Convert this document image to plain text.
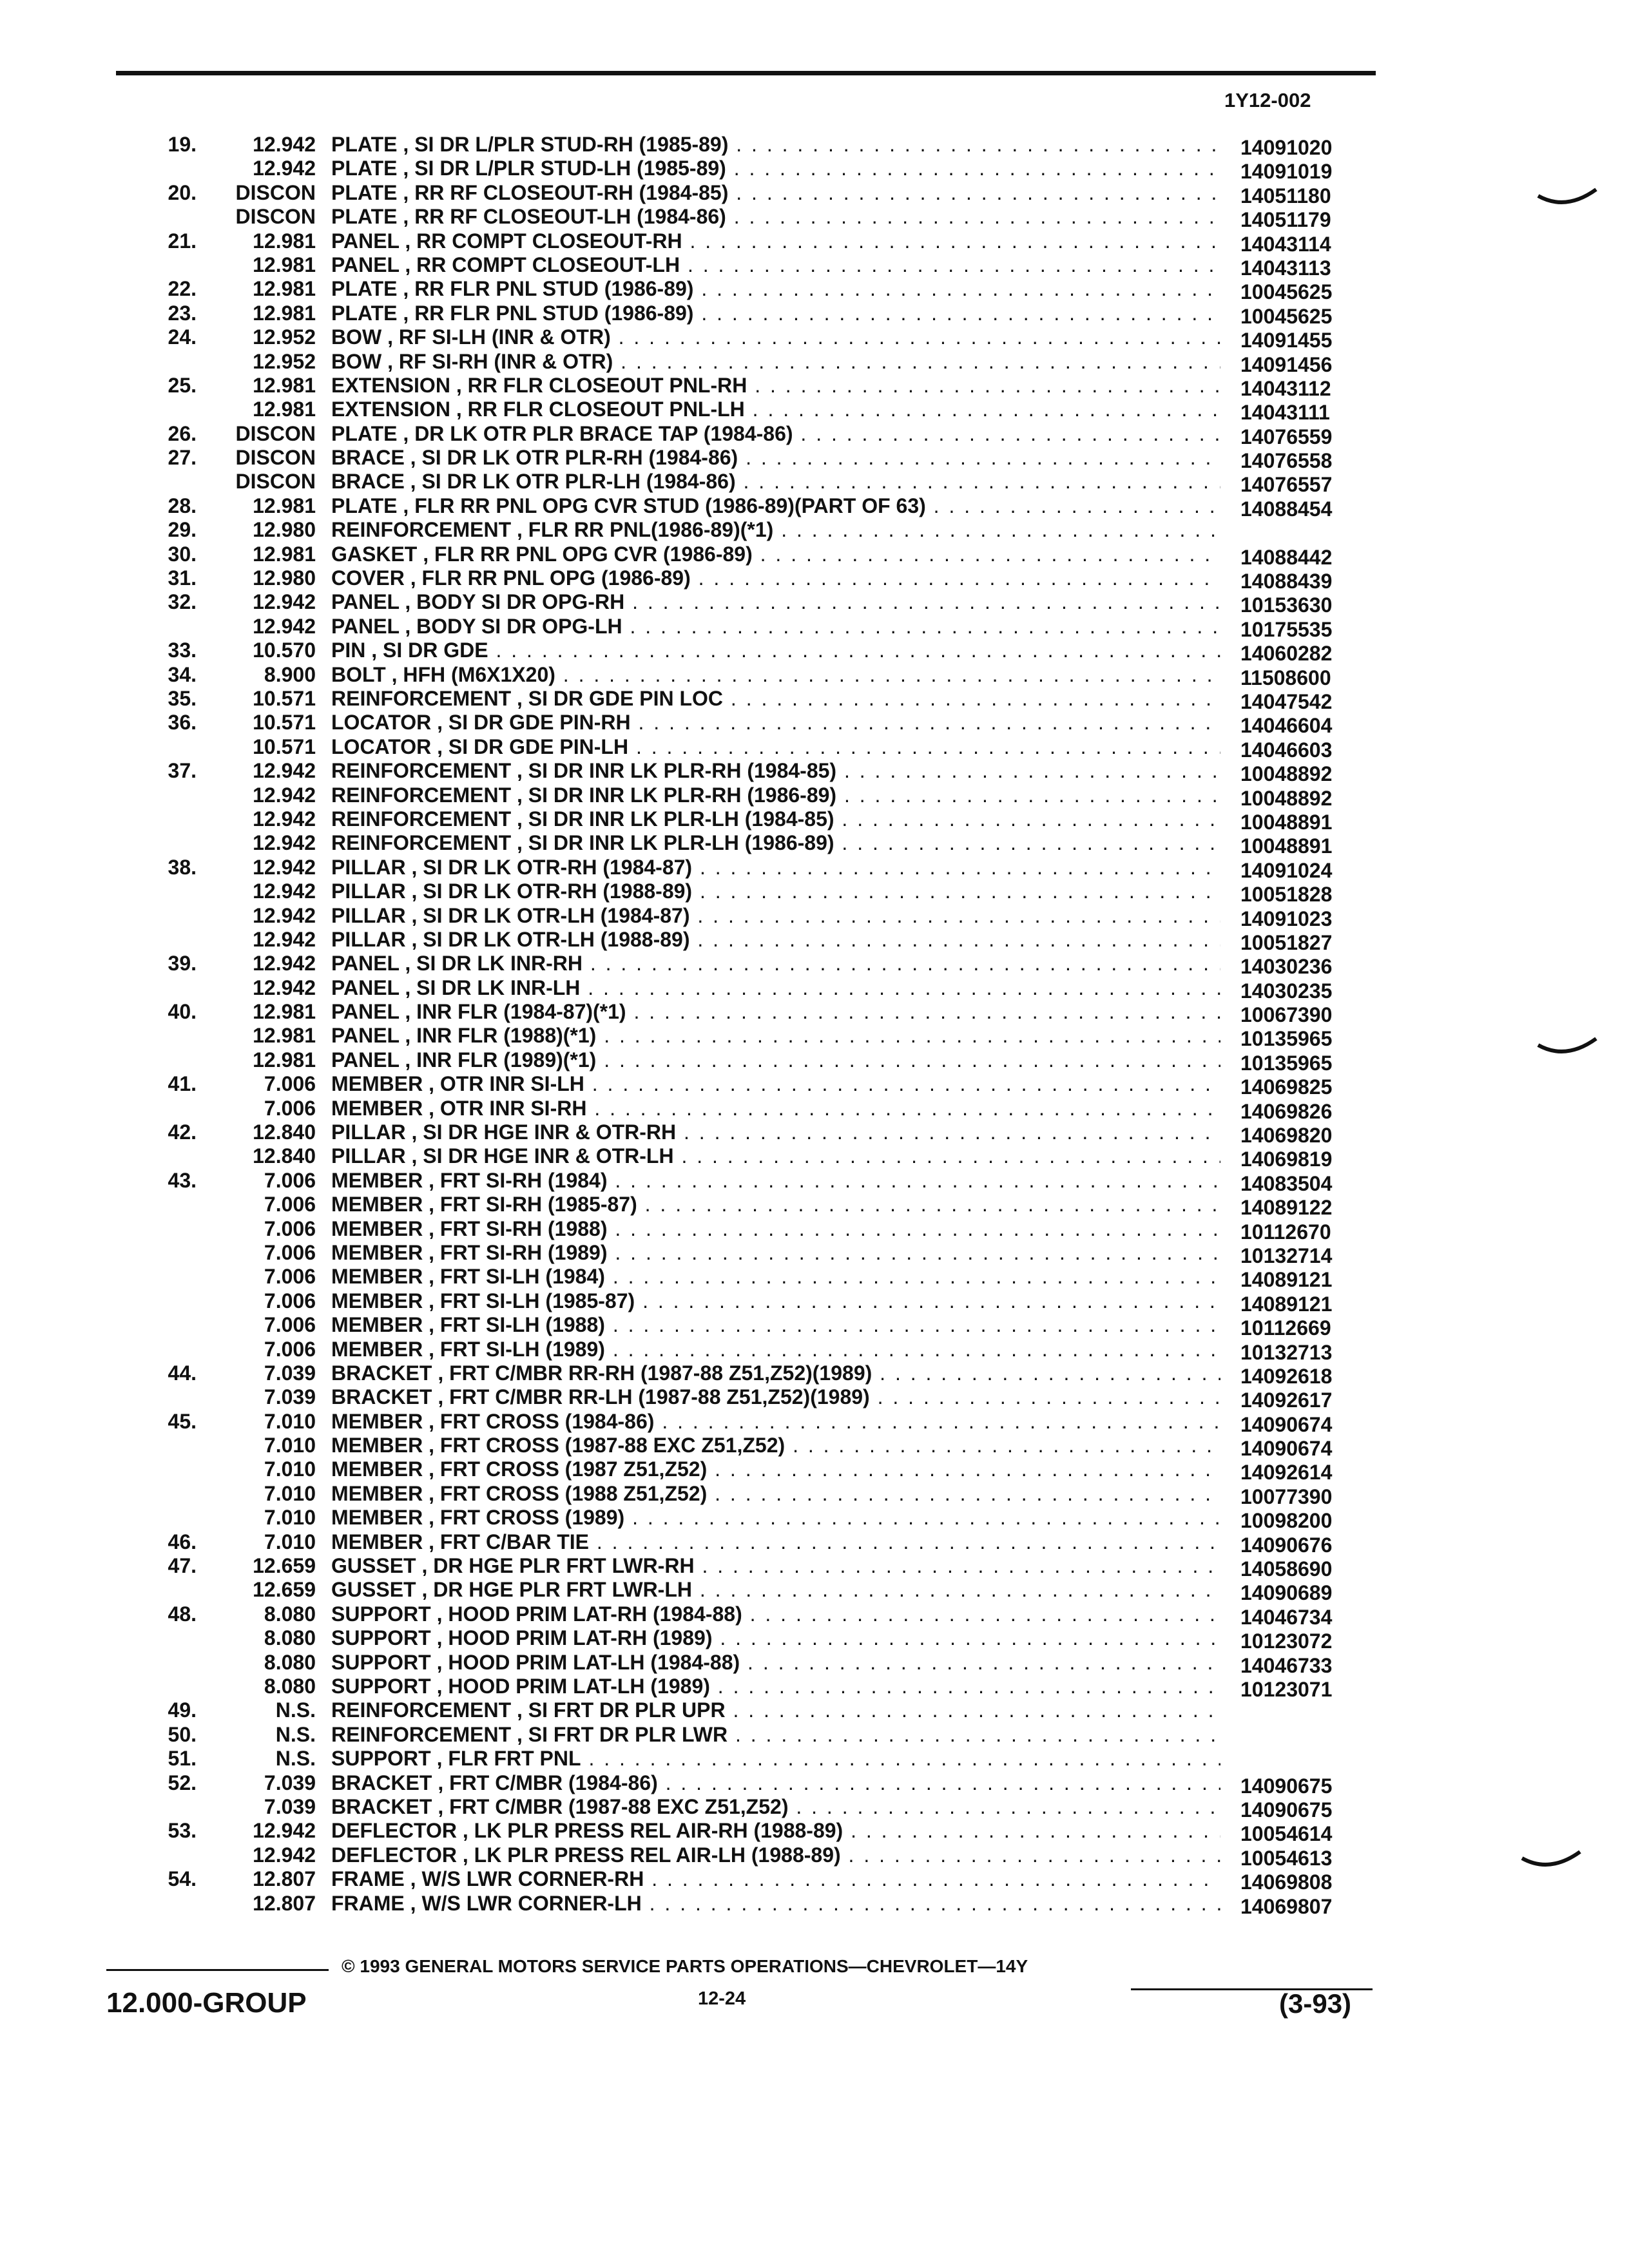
1Y12-002
19.	12.942 PLATE , SI DR L/PLR STUD-RH (1985-89) . . .	14091020
12.942 PLATE , SI DR L/PLR STUD-LH (1985-89) . . .	14091019
20.	DISCON PLATE , RR RF CLOSEOUT-RH (1984-85) . . .	14051180
DISCON PLATE , RR RF CLOSEOUT-LH (1984-86) . . .	14051179
21.	12.981 PANEL , RR COMPT CLOSEOUT-RH . . .	14043114
12.981 PANEL , RR COMPT CLOSEOUT-LH . . .	14043113
22.	12.981 PLATE , RR FLR PNL STUD (1986-89) . . .	10045625
23.	12.981 PLATE , RR FLR PNL STUD (1986-89) . . .	10045625
24.	12.952 BOW , RF SI-LH (INR & OTR) . . .	14091455
12.952 BOW , RF SI-RH (INR & OTR) . . .	14091456
25.	12.981 EXTENSION , RR FLR CLOSEOUT PNL-RH . . .	14043112
12.981 EXTENSION , RR FLR CLOSEOUT PNL-LH . . .	14043111
26.	DISCON PLATE , DR LK OTR PLR BRACE TAP (1984-86) . . .	14076559
27.	DISCON BRACE , SI DR LK OTR PLR-RH (1984-86) . . .	14076558
DISCON BRACE , SI DR LK OTR PLR-LH (1984-86) . . .	14076557
28.	12.981 PLATE , FLR RR PNL OPG CVR STUD (1986-89)(PART OF 63) . . .	14088454
29.	12.980 REINFORCEMENT , FLR RR PNL(1986-89)(*1) . . .
30.	12.981 GASKET , FLR RR PNL OPG CVR (1986-89) . . .	14088442
31.	12.980 COVER , FLR RR PNL OPG (1986-89) . . .	14088439
32.	12.942 PANEL , BODY SI DR OPG-RH . . .	10153630
12.942 PANEL , BODY SI DR OPG-LH . . .	10175535
33.	10.570 PIN , SI DR GDE . . .	14060282
34.	8.900 BOLT , HFH (M6X1X20) . . .	11508600
35.	10.571 REINFORCEMENT , SI DR GDE PIN LOC . . .	14047542
36.	10.571 LOCATOR , SI DR GDE PIN-RH . . .	14046604
10.571 LOCATOR , SI DR GDE PIN-LH . . .	14046603
37.	12.942 REINFORCEMENT , SI DR INR LK PLR-RH (1984-85) . . .	10048892
12.942 REINFORCEMENT , SI DR INR LK PLR-RH (1986-89) . . .	10048892
12.942 REINFORCEMENT , SI DR INR LK PLR-LH (1984-85) . . .	10048891
12.942 REINFORCEMENT , SI DR INR LK PLR-LH (1986-89) . . .	10048891
38.	12.942 PILLAR , SI DR LK OTR-RH (1984-87) . . .	14091024
12.942 PILLAR , SI DR LK OTR-RH (1988-89) . . .	10051828
12.942 PILLAR , SI DR LK OTR-LH (1984-87) . . .	14091023
12.942 PILLAR , SI DR LK OTR-LH (1988-89) . . .	10051827
39.	12.942 PANEL , SI DR LK INR-RH . . .	14030236
12.942 PANEL , SI DR LK INR-LH . . .	14030235
40.	12.981 PANEL , INR FLR (1984-87)(*1) . . .	10067390
12.981 PANEL , INR FLR (1988)(*1) . . .	10135965
12.981 PANEL , INR FLR (1989)(*1) . . .	10135965
41.	7.006 MEMBER , OTR INR SI-LH . . .	14069825
7.006 MEMBER , OTR INR SI-RH . . .	14069826
42.	12.840 PILLAR , SI DR HGE INR & OTR-RH . . .	14069820
12.840 PILLAR , SI DR HGE INR & OTR-LH . . .	14069819
43.	7.006 MEMBER , FRT SI-RH (1984) . . .	14083504
7.006 MEMBER , FRT SI-RH (1985-87) . . .	14089122
7.006 MEMBER , FRT SI-RH (1988) . . .	10112670
7.006 MEMBER , FRT SI-RH (1989) . . .	10132714
7.006 MEMBER , FRT SI-LH (1984) . . .	14089121
7.006 MEMBER , FRT SI-LH (1985-87) . . .	14089121
7.006 MEMBER , FRT SI-LH (1988) . . .	10112669
7.006 MEMBER , FRT SI-LH (1989) . . .	10132713
44.	7.039 BRACKET , FRT C/MBR RR-RH (1987-88 Z51,Z52)(1989) . . .	14092618
7.039 BRACKET , FRT C/MBR RR-LH (1987-88 Z51,Z52)(1989) . . .	14092617
45.	7.010 MEMBER , FRT CROSS (1984-86) . . .	14090674
7.010 MEMBER , FRT CROSS (1987-88 EXC Z51,Z52) . . .	14090674
7.010 MEMBER , FRT CROSS (1987 Z51,Z52) . . .	14092614
7.010 MEMBER , FRT CROSS (1988 Z51,Z52) . . .	10077390
7.010 MEMBER , FRT CROSS (1989) . . .	10098200
46.	7.010 MEMBER , FRT C/BAR TIE . . .	14090676
47.	12.659 GUSSET , DR HGE PLR FRT LWR-RH . . .	14058690
12.659 GUSSET , DR HGE PLR FRT LWR-LH . . .	14090689
48.	8.080 SUPPORT , HOOD PRIM LAT-RH (1984-88) . . .	14046734
8.080 SUPPORT , HOOD PRIM LAT-RH (1989) . . .	10123072
8.080 SUPPORT , HOOD PRIM LAT-LH (1984-88) . . .	14046733
8.080 SUPPORT , HOOD PRIM LAT-LH (1989) . . .	10123071
49.	N.S. REINFORCEMENT , SI FRT DR PLR UPR . . .
50.	N.S. REINFORCEMENT , SI FRT DR PLR LWR . . .
51.	N.S. SUPPORT , FLR FRT PNL . . .
52.	7.039 BRACKET , FRT C/MBR (1984-86) . . .	14090675
7.039 BRACKET , FRT C/MBR (1987-88 EXC Z51,Z52) . . .	14090675
53.	12.942 DEFLECTOR , LK PLR PRESS REL AIR-RH (1988-89) . . .	10054614
12.942 DEFLECTOR , LK PLR PRESS REL AIR-LH (1988-89) . . .	10054613
54.	12.807 FRAME , W/S LWR CORNER-RH . . .	14069808
12.807 FRAME , W/S LWR CORNER-LH . . .	14069807
© 1993 GENERAL MOTORS SERVICE PARTS OPERATIONS—CHEVROLET—14Y
12.000-GROUP	12-24	(3-93)
